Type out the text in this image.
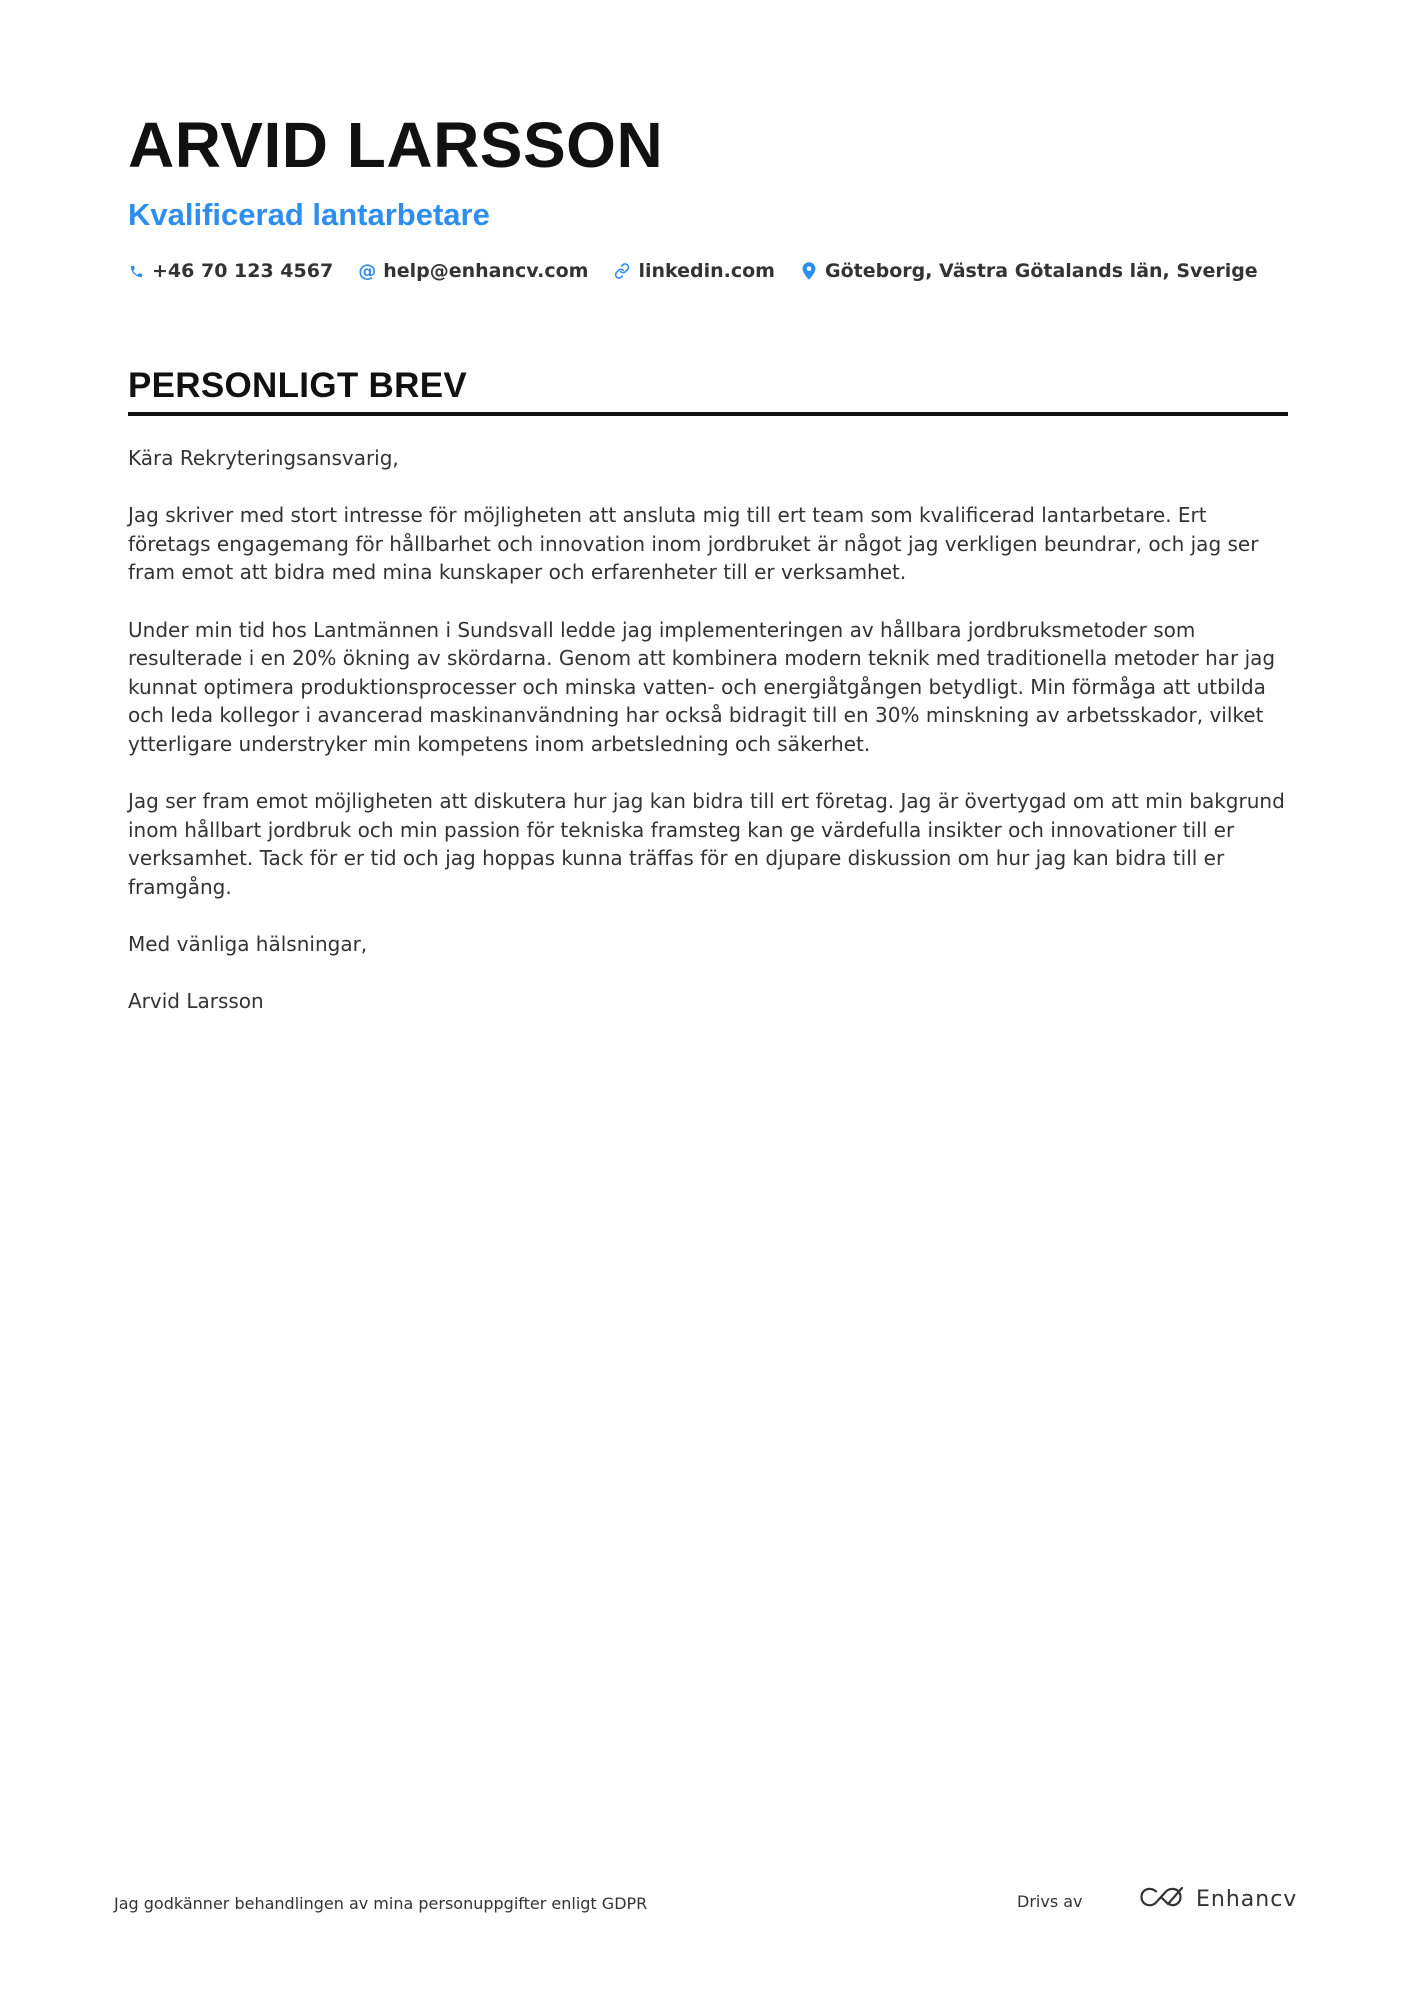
ARVID LARSSON
Kvalificerad lantarbetare
+46 70 123 4567 @ help@enhancv.com	linkedin.com	Göteborg, Västra Götalands län, Sverige
PERSONLIGT BREV

Kära Rekryteringsansvarig,

Jag skriver med stort intresse för möjligheten att ansluta mig till ert team som kvalificerad lantarbetare. Ert företags engagemang för hållbarhet och innovation inom jordbruket är något jag verkligen beundrar, och jag ser fram emot att bidra med mina kunskaper och erfarenheter till er verksamhet.

Under min tid hos Lantmännen i Sundsvall ledde jag implementeringen av hållbara jordbruksmetoder som resulterade i en 20% ökning av skördarna. Genom att kombinera modern teknik med traditionella metoder har jag kunnat optimera produktionsprocesser och minska vatten- och energiåtgången betydligt. Min förmåga att utbilda och leda kollegor i avancerad maskinanvändning har också bidragit till en 30% minskning av arbetsskador, vilket ytterligare understryker min kompetens inom arbetsledning och säkerhet.

Jag ser fram emot möjligheten att diskutera hur jag kan bidra till ert företag. Jag är övertygad om att min bakgrund inom hållbart jordbruk och min passion för tekniska framsteg kan ge värdefulla insikter och innovationer till er verksamhet. Tack för er tid och jag hoppas kunna träffas för en djupare diskussion om hur jag kan bidra till er framgång.

Med vänliga hälsningar,

Arvid Larsson

Jag godkänner behandlingen av mina personuppgifter enligt GDPR	Drivs av	Enhancv
